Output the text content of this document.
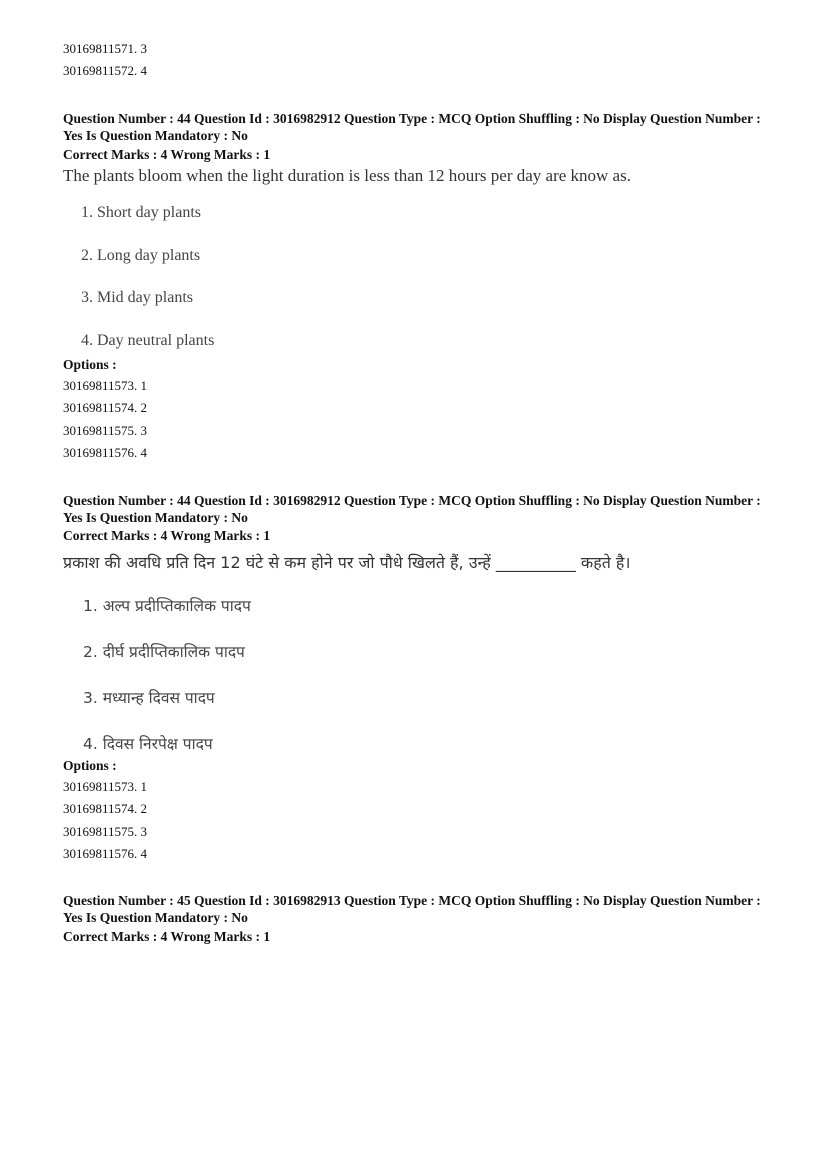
30169811571. 3
30169811572. 4
Question Number : 44 Question Id : 3016982912 Question Type : MCQ Option Shuffling : No Display Question Number : Yes Is Question Mandatory : No
Correct Marks : 4 Wrong Marks : 1
The plants bloom when the light duration is less than 12 hours per day are know as.
1. Short day plants
2. Long day plants
3. Mid day plants
4. Day neutral plants
Options :
30169811573. 1
30169811574. 2
30169811575. 3
30169811576. 4
Question Number : 44 Question Id : 3016982912 Question Type : MCQ Option Shuffling : No Display Question Number : Yes Is Question Mandatory : No
Correct Marks : 4 Wrong Marks : 1
प्रकाश की अवधि प्रति दिन 12 घंटे से कम होने पर जो पौधे खिलते हैं, उन्हें __________ कहते है।
1. अल्प प्रदीप्तिकालिक पादप
2. दीर्घ प्रदीप्तिकालिक पादप
3. मध्यान्ह दिवस पादप
4. दिवस निरपेक्ष पादप
Options :
30169811573. 1
30169811574. 2
30169811575. 3
30169811576. 4
Question Number : 45 Question Id : 3016982913 Question Type : MCQ Option Shuffling : No Display Question Number : Yes Is Question Mandatory : No
Correct Marks : 4 Wrong Marks : 1
